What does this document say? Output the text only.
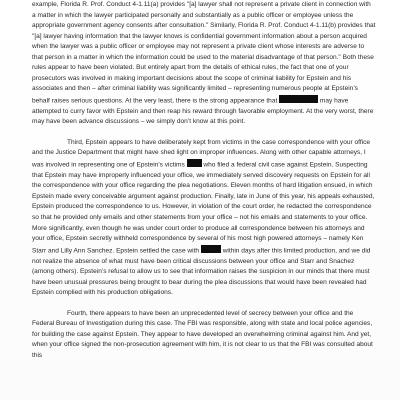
example, Florida R. Prof. Conduct 4-1.11(a) provides "[a] lawyer shall not represent a private client in connection with a matter in which the lawyer participated personally and substantially as a public officer or employee unless the appropriate government agency consents after consultation." Similarly, Florida R. Prof. Conduct 4-1.11(b) provides that "[a] lawyer having information that the lawyer knows is confidential government information about a person acquired when the lawyer was a public officer or employee may not represent a private client whose interests are adverse to that person in a matter in which the information could be used to the material disadvantage of that person." Both these rules appear to have been violated. But entirely apart from the details of ethical rules, the fact that one of your prosecutors was involved in making important decisions about the scope of criminal liability for Epstein and his associates and then – after criminal liability was significantly limited – representing numerous people at Epstein’s behalf raises serious questions. At the very least, there is the strong appearance that	may have attempted to curry favor with Epstein and then reap his reward through favorable employment. At the very worst, there may have been advance discussions – we simply don’t know at this point.

Third, Epstein appears to have deliberately kept from victims in the case correspondence with your office and the Justice Department that might have shed light on improper influences. Along with other capable attorneys, I was involved in representing one of Epstein’s victims  who filed a federal civil case against Epstein. Suspecting that Epstein may have improperly influenced your office, we immediately served discovery requests on Epstein for all the correspondence with your office regarding the plea negotiations. Eleven months of hard litigation ensued, in which Epstein made every conceivable argument against production. Finally, late in June of this year, his appeals exhausted, Epstein produced the correspondence to us. However, in violation of the court order, he redacted the correspondence so that he provided only emails and other statements from your office – not his emails and statements to your office. More significantly, even though he was under court order to produce all correspondence between his attorneys and your office, Epstein secretly withheld correspondence by several of his most high powered attorneys – namely Ken Starr and Lilly Ann Sanchez. Epstein settled the case with	within days after this limited production, and we did not realize the absence of what must have been critical discussions between your office and Starr and Snachez (among others). Epstein’s refusal to allow us to see that information raises the suspicion in our minds that there must have been unusual pressures being brought to bear during the plea discussions that would have been revealed had Epstein complied with his production obligations.

Fourth, there appears to have been an unprecedented level of secrecy between your office and the Federal Bureau of Investigation during this case. The FBI was responsible, along with state and local police agencies, for building the case against Epstein. They appear to have developed an overwhelming criminal against him. And yet, when your office signed the non-prosecution agreement with him, it is not clear to us that the FBI was consulted about this
